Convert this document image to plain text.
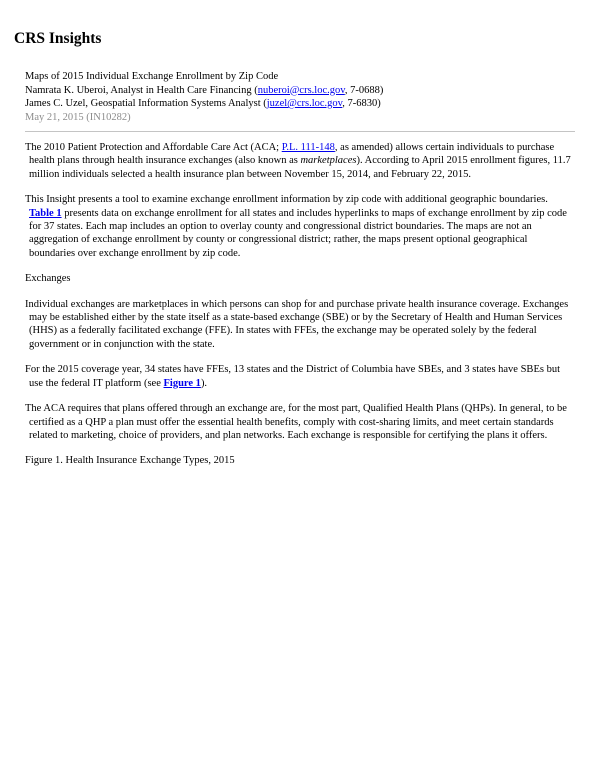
CRS Insights
Maps of 2015 Individual Exchange Enrollment by Zip Code
Namrata K. Uberoi, Analyst in Health Care Financing (nuberoi@crs.loc.gov, 7-0688)
James C. Uzel, Geospatial Information Systems Analyst (juzel@crs.loc.gov, 7-6830)
May 21, 2015 (IN10282)

The 2010 Patient Protection and Affordable Care Act (ACA; P.L. 111-148, as amended) allows certain individuals to purchase health plans through health insurance exchanges (also known as marketplaces). According to April 2015 enrollment figures, 11.7 million individuals selected a health insurance plan between November 15, 2014, and February 22, 2015.

This Insight presents a tool to examine exchange enrollment information by zip code with additional geographic boundaries. Table 1 presents data on exchange enrollment for all states and includes hyperlinks to maps of exchange enrollment by zip code for 37 states. Each map includes an option to overlay county and congressional district boundaries. The maps are not an aggregation of exchange enrollment by county or congressional district; rather, the maps present optional geographical boundaries over exchange enrollment by zip code.

Exchanges

Individual exchanges are marketplaces in which persons can shop for and purchase private health insurance coverage. Exchanges may be established either by the state itself as a state-based exchange (SBE) or by the Secretary of Health and Human Services (HHS) as a federally facilitated exchange (FFE). In states with FFEs, the exchange may be operated solely by the federal government or in conjunction with the state.

For the 2015 coverage year, 34 states have FFEs, 13 states and the District of Columbia have SBEs, and 3 states have SBEs but use the federal IT platform (see Figure 1).

The ACA requires that plans offered through an exchange are, for the most part, Qualified Health Plans (QHPs). In general, to be certified as a QHP a plan must offer the essential health benefits, comply with cost-sharing limits, and meet certain standards related to marketing, choice of providers, and plan networks. Each exchange is responsible for certifying the plans it offers.

Figure 1. Health Insurance Exchange Types, 2015
